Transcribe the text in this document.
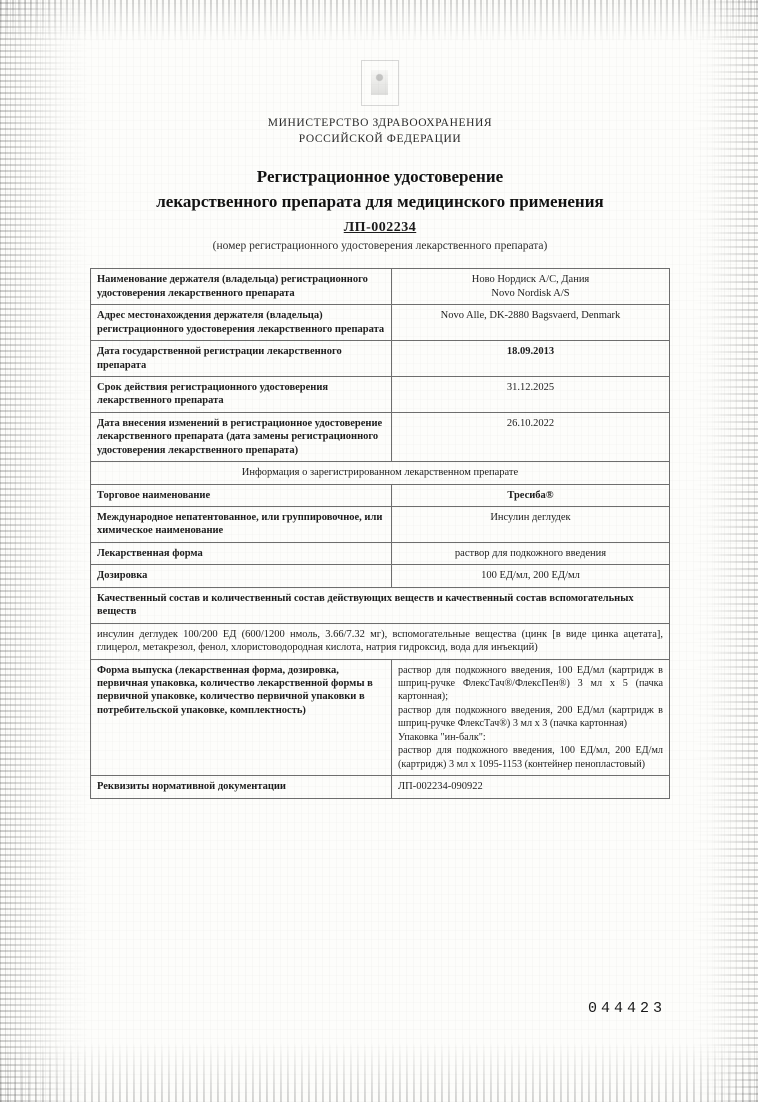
МИНИСТЕРСТВО ЗДРАВООХРАНЕНИЯ
РОССИЙСКОЙ ФЕДЕРАЦИИ
Регистрационное удостоверение
лекарственного препарата для медицинского применения
ЛП-002234
(номер регистрационного удостоверения лекарственного препарата)
Наименование держателя (владельца) регистрационного удостоверения лекарственного препарата	Ново Нордиск А/С, Дания
Novo Nordisk A/S

Адрес местонахождения держателя (владельца) регистрационного удостоверения лекарственного препарата	Novo Alle, DK-2880 Bagsvaerd, Denmark

Дата государственной регистрации лекарственного препарата	18.09.2013

Срок действия регистрационного удостоверения лекарственного препарата	31.12.2025

Дата внесения изменений в регистрационное удостоверение лекарственного препарата (дата замены регистрационного удостоверения лекарственного препарата)	26.10.2022

Информация о зарегистрированном лекарственном препарате	
Торговое наименование	Тресиба®

Международное непатентованное, или группировочное, или химическое наименование	Инсулин деглудек

Лекарственная форма	раствор для подкожного введения

Дозировка	100 ЕД/мл, 200 ЕД/мл

Качественный состав и количественный состав действующих веществ и качественный состав вспомогательных веществ	
инсулин деглудек 100/200 ЕД (600/1200 нмоль, 3.66/7.32 мг), вспомогательные вещества (цинк [в виде цинка ацетата], глицерол, метакрезол, фенол, хлористоводородная кислота, натрия гидроксид, вода для инъекций)	
Форма выпуска (лекарственная форма, дозировка, первичная упаковка, количество лекарственной формы в первичной упаковке, количество первичной упаковки в потребительской упаковке, комплектность)	раствор для подкожного введения, 100 ЕД/мл (картридж в шприц-ручке ФлексТач®/ФлексПен®) 3 мл х 5 (пачка картонная);
раствор для подкожного введения, 200 ЕД/мл (картридж в шприц-ручке ФлексТач®) 3 мл х 3 (пачка картонная)
Упаковка "ин-балк":
раствор для подкожного введения, 100 ЕД/мл, 200 ЕД/мл (картридж) 3 мл х 1095-1153 (контейнер пенопластовый)

Реквизиты нормативной документации	ЛП-002234-090922
044423
